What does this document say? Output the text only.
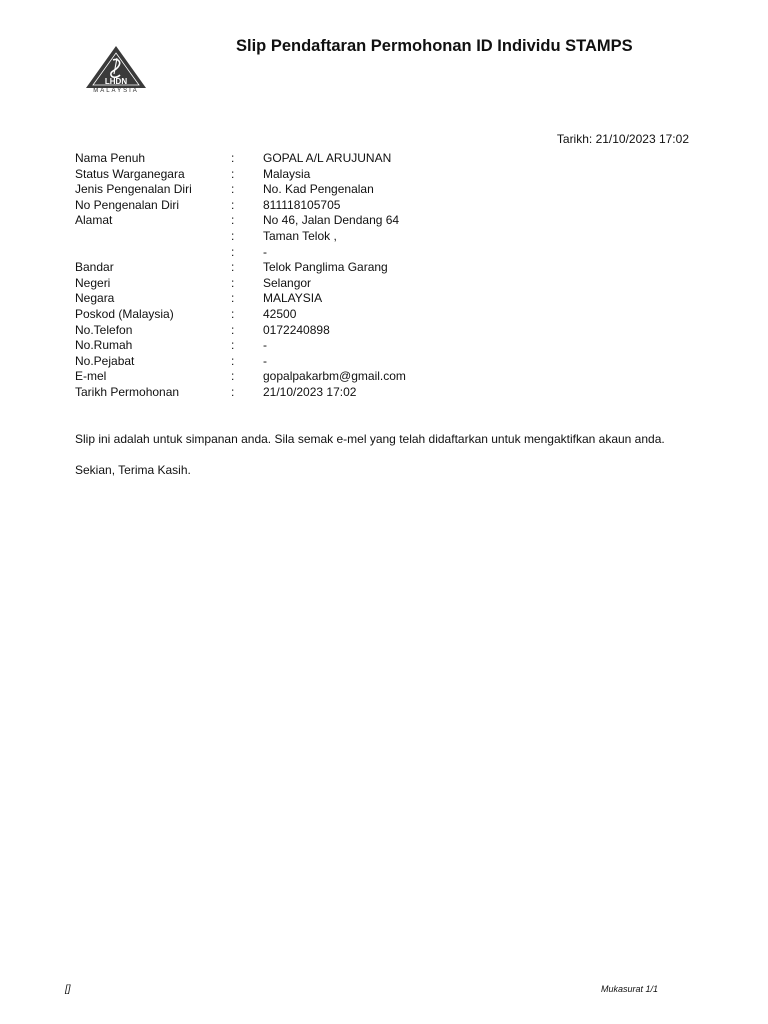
LHDN
MALAYSIA
Slip Pendaftaran Permohonan ID Individu STAMPS
Tarikh: 21/10/2023 17:02
Nama Penuh	: GOPAL A/L ARUJUNAN
Status Warganegara	: Malaysia
Jenis Pengenalan Diri	: No. Kad Pengenalan
No Pengenalan Diri	: 811118105705
Alamat	: No 46, Jalan Dendang 64
: Taman Telok ,
: -
Bandar	: Telok Panglima Garang
Negeri	: Selangor
Negara	: MALAYSIA
Poskod (Malaysia)	: 42500
No.Telefon	: 0172240898
No.Rumah	: -
No.Pejabat	: -
E-mel	: gopalpakarbm@gmail.com
Tarikh Permohonan	: 21/10/2023 17:02
Slip ini adalah untuk simpanan anda. Sila semak e-mel yang telah didaftarkan untuk mengaktifkan akaun anda.
Sekian, Terima Kasih.
[]	Mukasurat 1/1
